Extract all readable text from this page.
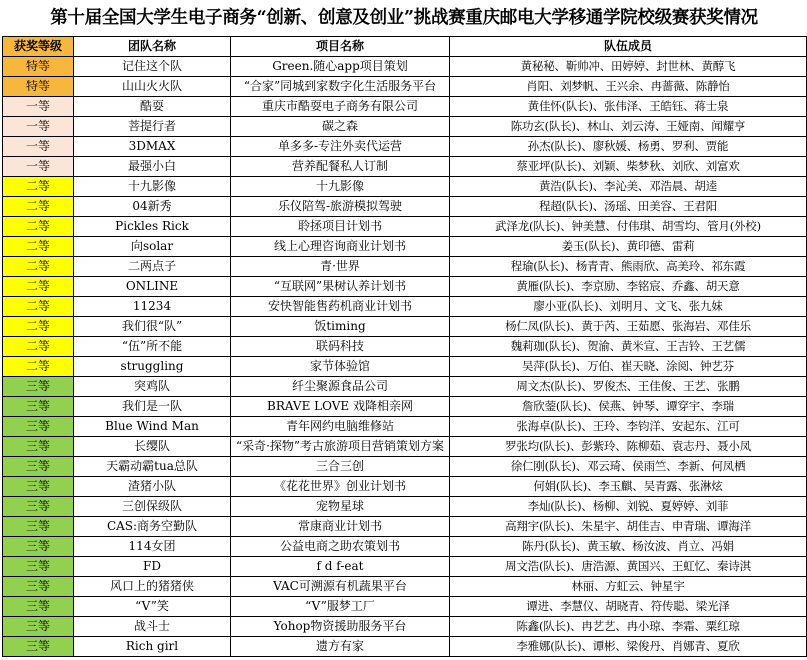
第十届全国大学生电子商务“创新、创意及创业”挑战赛重庆邮电大学移通学院校级赛获奖情况
获奖等级	团队名称	项目名称	队伍成员
特等	记住这个队	Green.随心app项目策划	黄秘秘、靳帅冲、田婷婷、封世林、黄醇飞
特等	山山火火队	“合家”同城到家数字化生活服务平台	肖阳、刘梦帆、王兴余、冉蔷薇、陈静怡
一等	酷耍	重庆市酷耍电子商务有限公司	黄佳怀(队长)、张伟泽、王皓钰、蒋士泉
一等	菩提行者	碳之森	陈功玄(队长)、林山、刘云涛、王娅南、闻耀亨
一等	3DMAX	单多多-专注外卖代运营	孙杰(队长)、廖秋媛、杨勇、罗利、贾能
一等	最强小白	营养配餐私人订制	蔡亚坪(队长)、刘颖、柴梦秋、刘欣、刘富欢
二等	十九影像	十九影像	黄浩(队长)、李沁美、邓浩晨、胡逵
二等	04新秀	乐仪陪驾-旅游模拟驾驶	程超(队长)、汤瑶、田美容、王君阳
二等	Pickles Rick	聆拯项目计划书	武泽龙(队长)、钟美慧、付伟琪、胡雪均、管月(外校)
二等	向solar	线上心理咨询商业计划书	姜玉(队长)、黄印德、雷莉
二等	二两点子	青·世界	程瑜(队长)、杨青青、熊雨欣、高美玲、祁东霞
二等	ONLINE	“互联网”果树认养计划书	黄雁(队长)、李京励、李铭宸、乔鑫、胡天意
二等	11234	安快智能售药机商业计划书	廖小亚(队长)、刘明月、文飞、张九妹
二等	我们很“队”	饭timing	杨仁凤(队长)、黄于芮、王茹愿、张海岩、邓佳乐
二等	“伍”所不能	联码科技	魏莉珈(队长)、贺渝、黄米宣、王吉铃、王艺儒
二等	struggling	家节体验馆	吴萍(队长)、万伯、崔天晓、涂阅、钟艺芬
三等	突鸡队	纤尘聚源食品公司	周文杰(队长)、罗俊杰、王佳俊、王艺、张鹏
三等	我们是一队	BRAVE LOVE 戏降相亲网	詹欣蓥(队长)、侯燕、钟琴、谭穿宇、李瑞
三等	Blue Wind Man	青年网约电脑维修站	张海卓(队长)、王玲、李钧洋、安起东、江可
三等	长缨队	“采奇·探物”考古旅游项目营销策划方案	罗张均(队长)、彭紫玲、陈柳茹、袁志丹、聂小凤
三等	天霸动霸tua总队	三合三创	徐仁刚(队长)、邓云琦、侯雨竺、李新、何凤栖
三等	渣猪小队	《花花世界》创业计划书	何娟(队长)、李玉麒、吴青露、张淋炫
三等	三创保级队	宠物星球	李灿(队长)、杨柳、刘锐、夏婷婷、刘菲
三等	CAS:商务空勤队	常康商业计划书	高翔宇(队长)、朱星宇、胡佳吉、申青瑞、谭海洋
三等	114女团	公益电商之助农策划书	陈丹(队长)、黄玉敏、杨汝波、肖立、冯娟
三等	FD	f d f-eat	周文浩(队长)、唐浩源、黄国兴、王虹忆、秦诗淇
三等	风口上的猪猪侠	VAC可溯源有机蔬果平台	林丽、方虹云、钟星宇
三等	“V”笑	“V”服梦工厂	谭进、李慧仪、胡晓青、符传聪、梁光泽
三等	战斗士	Yohop物资援助服务平台	陈鑫(队长)、冉艺艺、冉小琼、李霜、粟红琼
三等	Rich girl	遗方有家	李雅娜(队长)、谭彬、梁俊丹、肖娜青、夏欣
